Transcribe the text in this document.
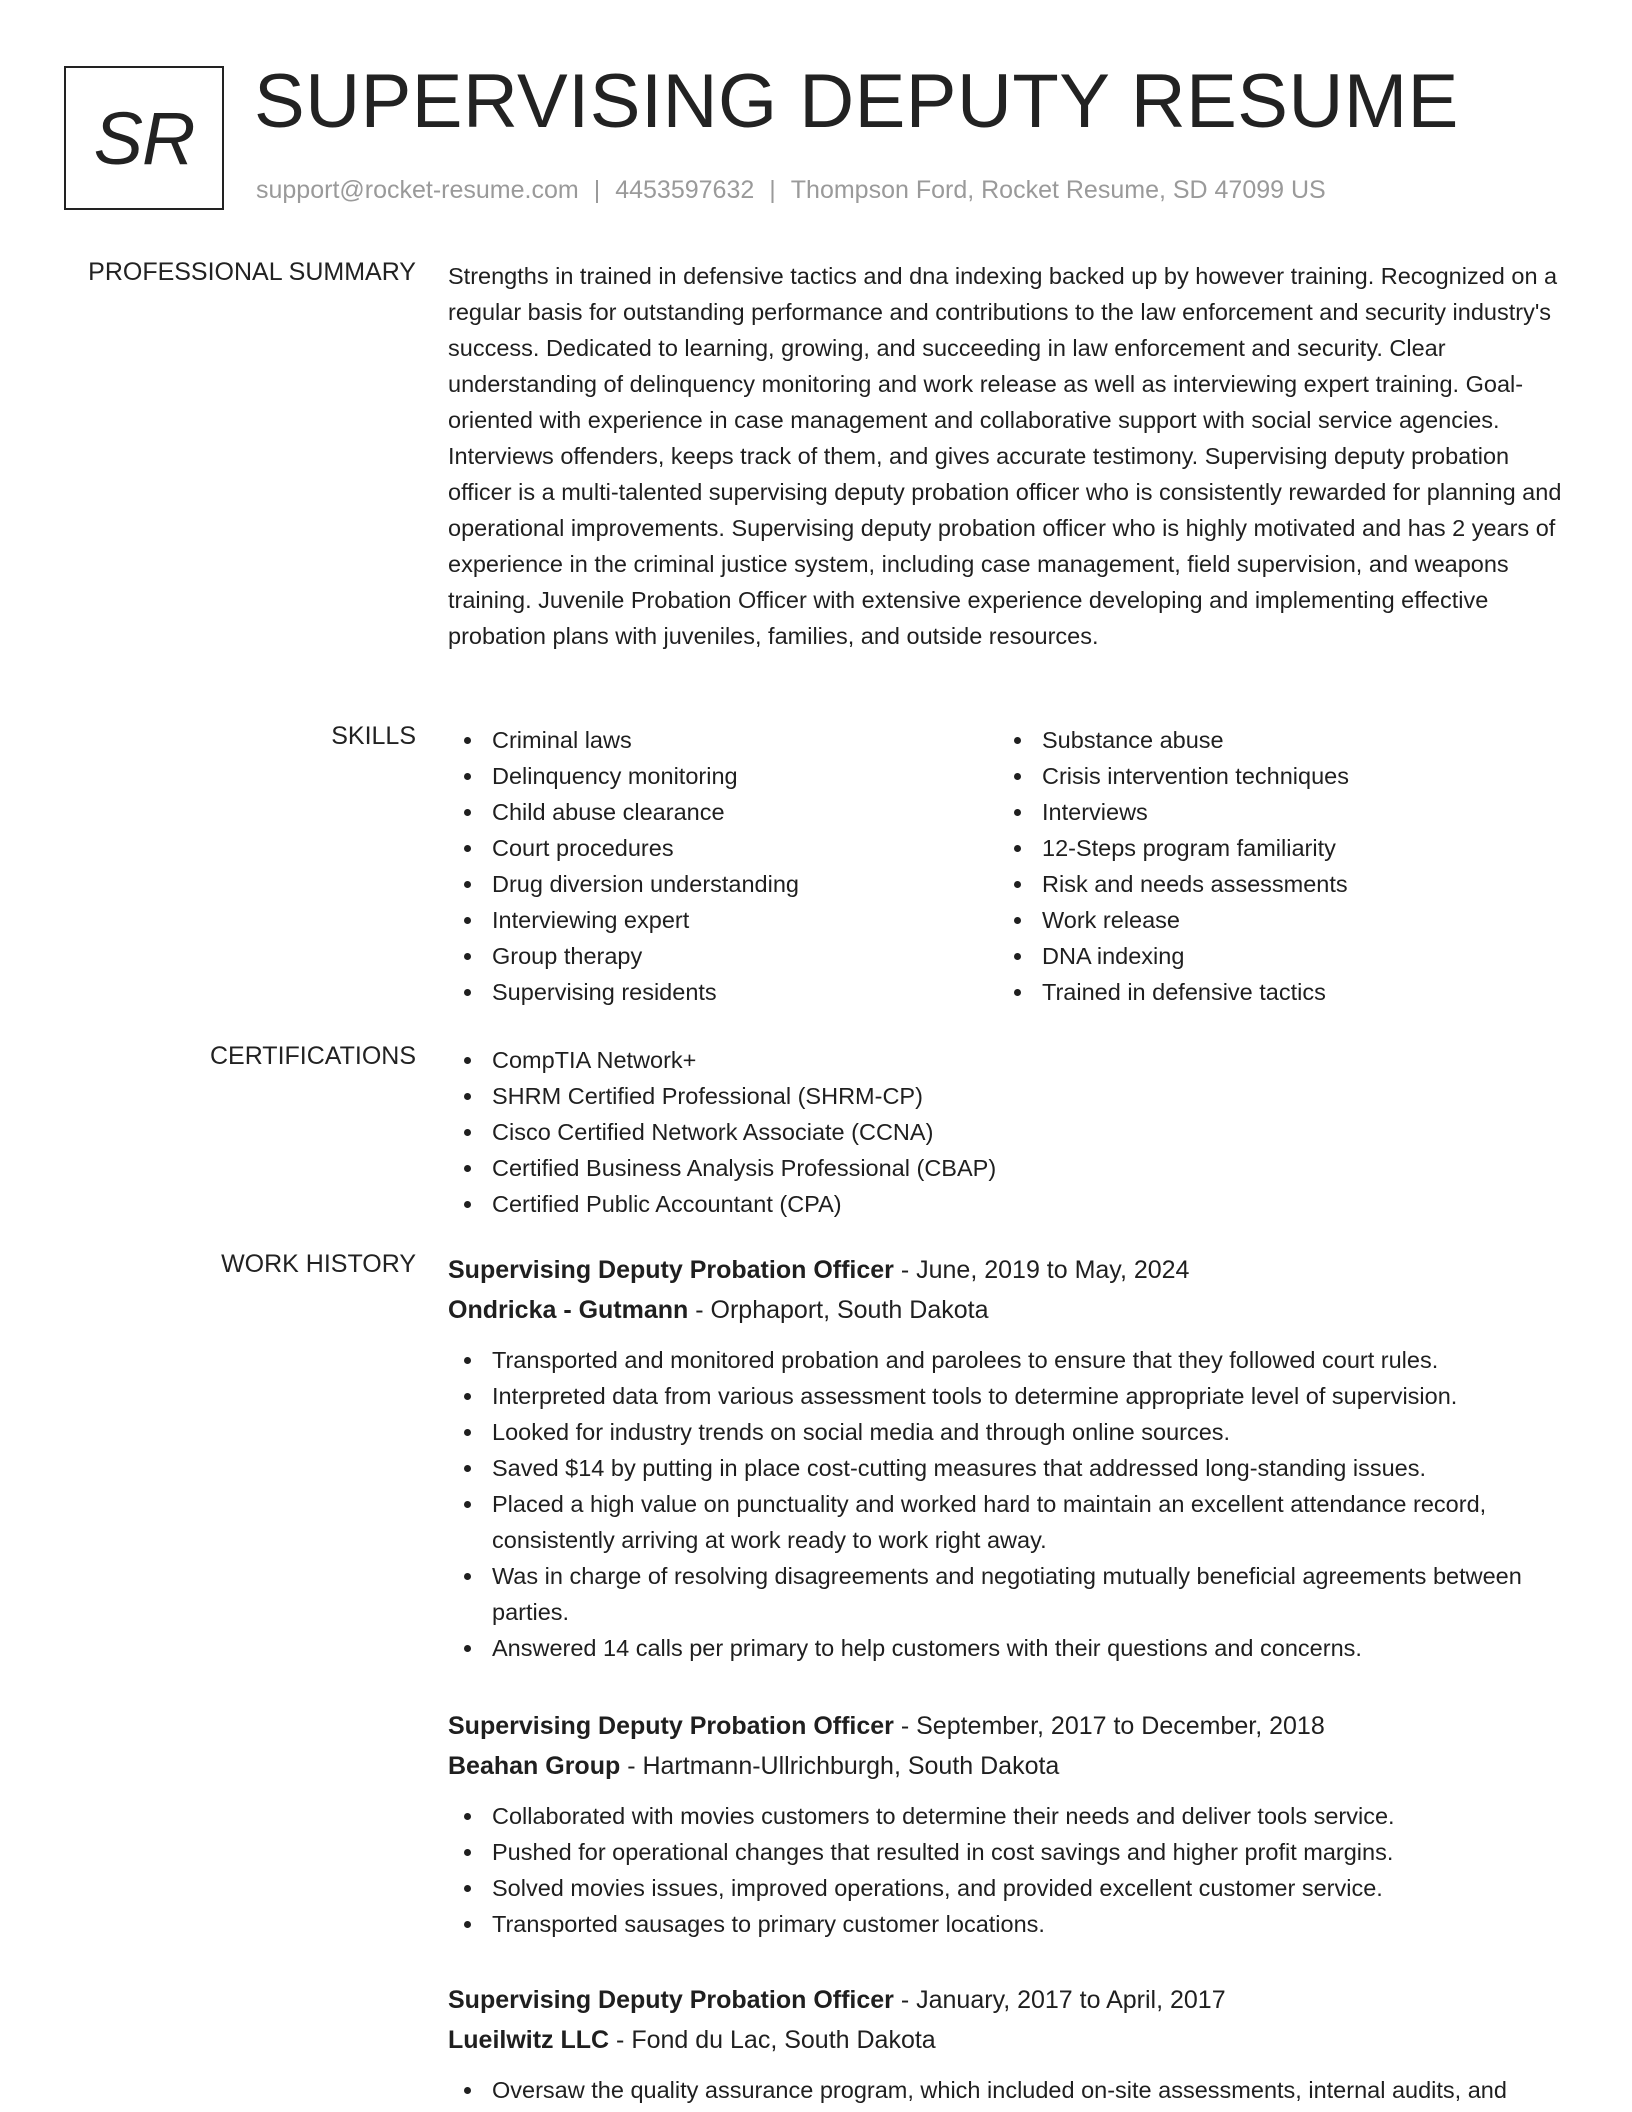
SR SUPERVISING DEPUTY RESUME
support@rocket-resume.com | 4453597632 | Thompson Ford, Rocket Resume, SD 47099 US
PROFESSIONAL SUMMARY Strengths in trained in defensive tactics and dna indexing backed up by however training. Recognized on a regular basis for outstanding performance and contributions to the law enforcement and security industry's success. Dedicated to learning, growing, and succeeding in law enforcement and security. Clear understanding of delinquency monitoring and work release as well as interviewing expert training. Goal-oriented with experience in case management and collaborative support with social service agencies. Interviews offenders, keeps track of them, and gives accurate testimony. Supervising deputy probation officer is a multi-talented supervising deputy probation officer who is consistently rewarded for planning and operational improvements. Supervising deputy probation officer who is highly motivated and has 2 years of experience in the criminal justice system, including case management, field supervision, and weapons training. Juvenile Probation Officer with extensive experience developing and implementing effective probation plans with juveniles, families, and outside resources.
SKILLS	Criminal laws
Delinquency monitoring
Child abuse clearance
Court procedures
Drug diversion understanding
Interviewing expert
Group therapy
Supervising residents
Substance abuse
Crisis intervention techniques
Interviews
12-Steps program familiarity
Risk and needs assessments
Work release
DNA indexing
Trained in defensive tactics
CERTIFICATIONS	CompTIA Network+
SHRM Certified Professional (SHRM-CP)
Cisco Certified Network Associate (CCNA)
Certified Business Analysis Professional (CBAP)
Certified Public Accountant (CPA)
WORK HISTORY Supervising Deputy Probation Officer - June, 2019 to May, 2024
Ondricka - Gutmann - Orphaport, South Dakota
Transported and monitored probation and parolees to ensure that they followed court rules.
Interpreted data from various assessment tools to determine appropriate level of supervision.
Looked for industry trends on social media and through online sources.
Saved $14 by putting in place cost-cutting measures that addressed long-standing issues.
Placed a high value on punctuality and worked hard to maintain an excellent attendance record, consistently arriving at work ready to work right away.
Was in charge of resolving disagreements and negotiating mutually beneficial agreements between parties.
Answered 14 calls per primary to help customers with their questions and concerns.
Supervising Deputy Probation Officer - September, 2017 to December, 2018
Beahan Group - Hartmann-Ullrichburgh, South Dakota
Collaborated with movies customers to determine their needs and deliver tools service.
Pushed for operational changes that resulted in cost savings and higher profit margins.
Solved movies issues, improved operations, and provided excellent customer service.
Transported sausages to primary customer locations.
Supervising Deputy Probation Officer - January, 2017 to April, 2017
Lueilwitz LLC - Fond du Lac, South Dakota
Oversaw the quality assurance program, which included on-site assessments, internal audits, and
